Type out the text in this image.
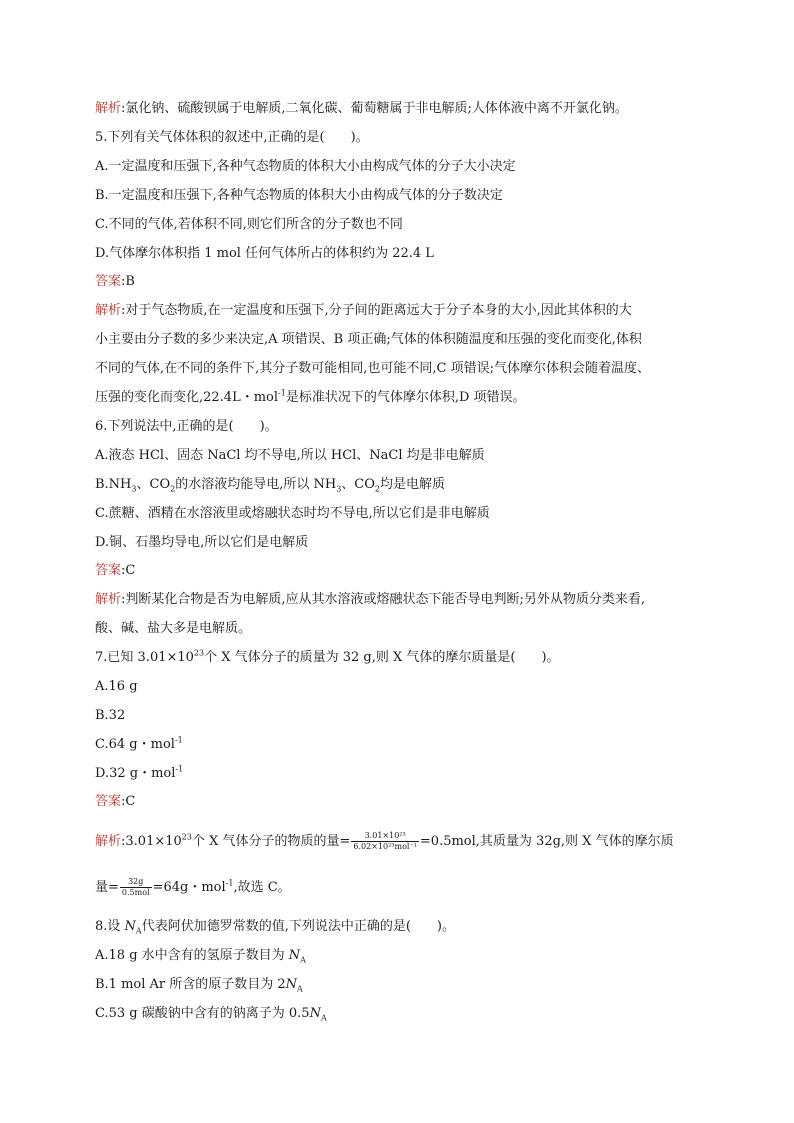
解析:氯化钠、硫酸钡属于电解质,二氧化碳、葡萄糖属于非电解质;人体体液中离不开氯化钠。
5.下列有关气体体积的叙述中,正确的是(　　)。
A.一定温度和压强下,各种气态物质的体积大小由构成气体的分子大小决定
B.一定温度和压强下,各种气态物质的体积大小由构成气体的分子数决定
C.不同的气体,若体积不同,则它们所含的分子数也不同
D.气体摩尔体积指 1 mol 任何气体所占的体积约为 22.4 L
答案:B
解析:对于气态物质,在一定温度和压强下,分子间的距离远大于分子本身的大小,因此其体积的大
小主要由分子数的多少来决定,A 项错误、B 项正确;气体的体积随温度和压强的变化而变化,体积
不同的气体,在不同的条件下,其分子数可能相同,也可能不同,C 项错误;气体摩尔体积会随着温度、
压强的变化而变化,22.4L・mol$^{-1}$是标准状况下的气体摩尔体积,D 项错误。
6.下列说法中,正确的是(　　)。
A.液态 HCl、固态 NaCl 均不导电,所以 HCl、NaCl 均是非电解质
$B.NH_3$、$CO_2$的水溶液均能导电,所以 $NH_3$、$CO_2$均是电解质
C.蔗糖、酒精在水溶液里或熔融状态时均不导电,所以它们是非电解质
D.铜、石墨均导电,所以它们是电解质
答案:C
解析:判断某化合物是否为电解质,应从其水溶液或熔融状态下能否导电判断;另外从物质分类来看,
酸、碱、盐大多是电解质。
7.已知 $3.01\times 10^{23}$个 X 气体分子的质量为 32 g,则 X 气体的摩尔质量是(　　)。
A.16 g
B.32
C.64 g・mol$^{-1}$
D.32 g・mol$^{-1}$
答案:C
解析$:3.01\times 10^{23}$个 X 气体分子的物质的量= $\frac{\text{3.01×10²³}}{\text{6.02×10²³mol⁻¹}} =0.5mol$,其质量为 32g,则 X 气体的摩尔质
量= $\frac{32g}{\text{0.5mol}} =64g$・mol$^{-1}$,故选 C。
8.设 $N_A$代表阿伏加德罗常数的值,下列说法中正确的是(　　)。
A.18 g 水中含有的氢原子数目为 $N_A$
B.1 mol Ar 所含的原子数目为 $2N_A$
C.53 g 碳酸钠中含有的钠离子为 $0.5N_A$
